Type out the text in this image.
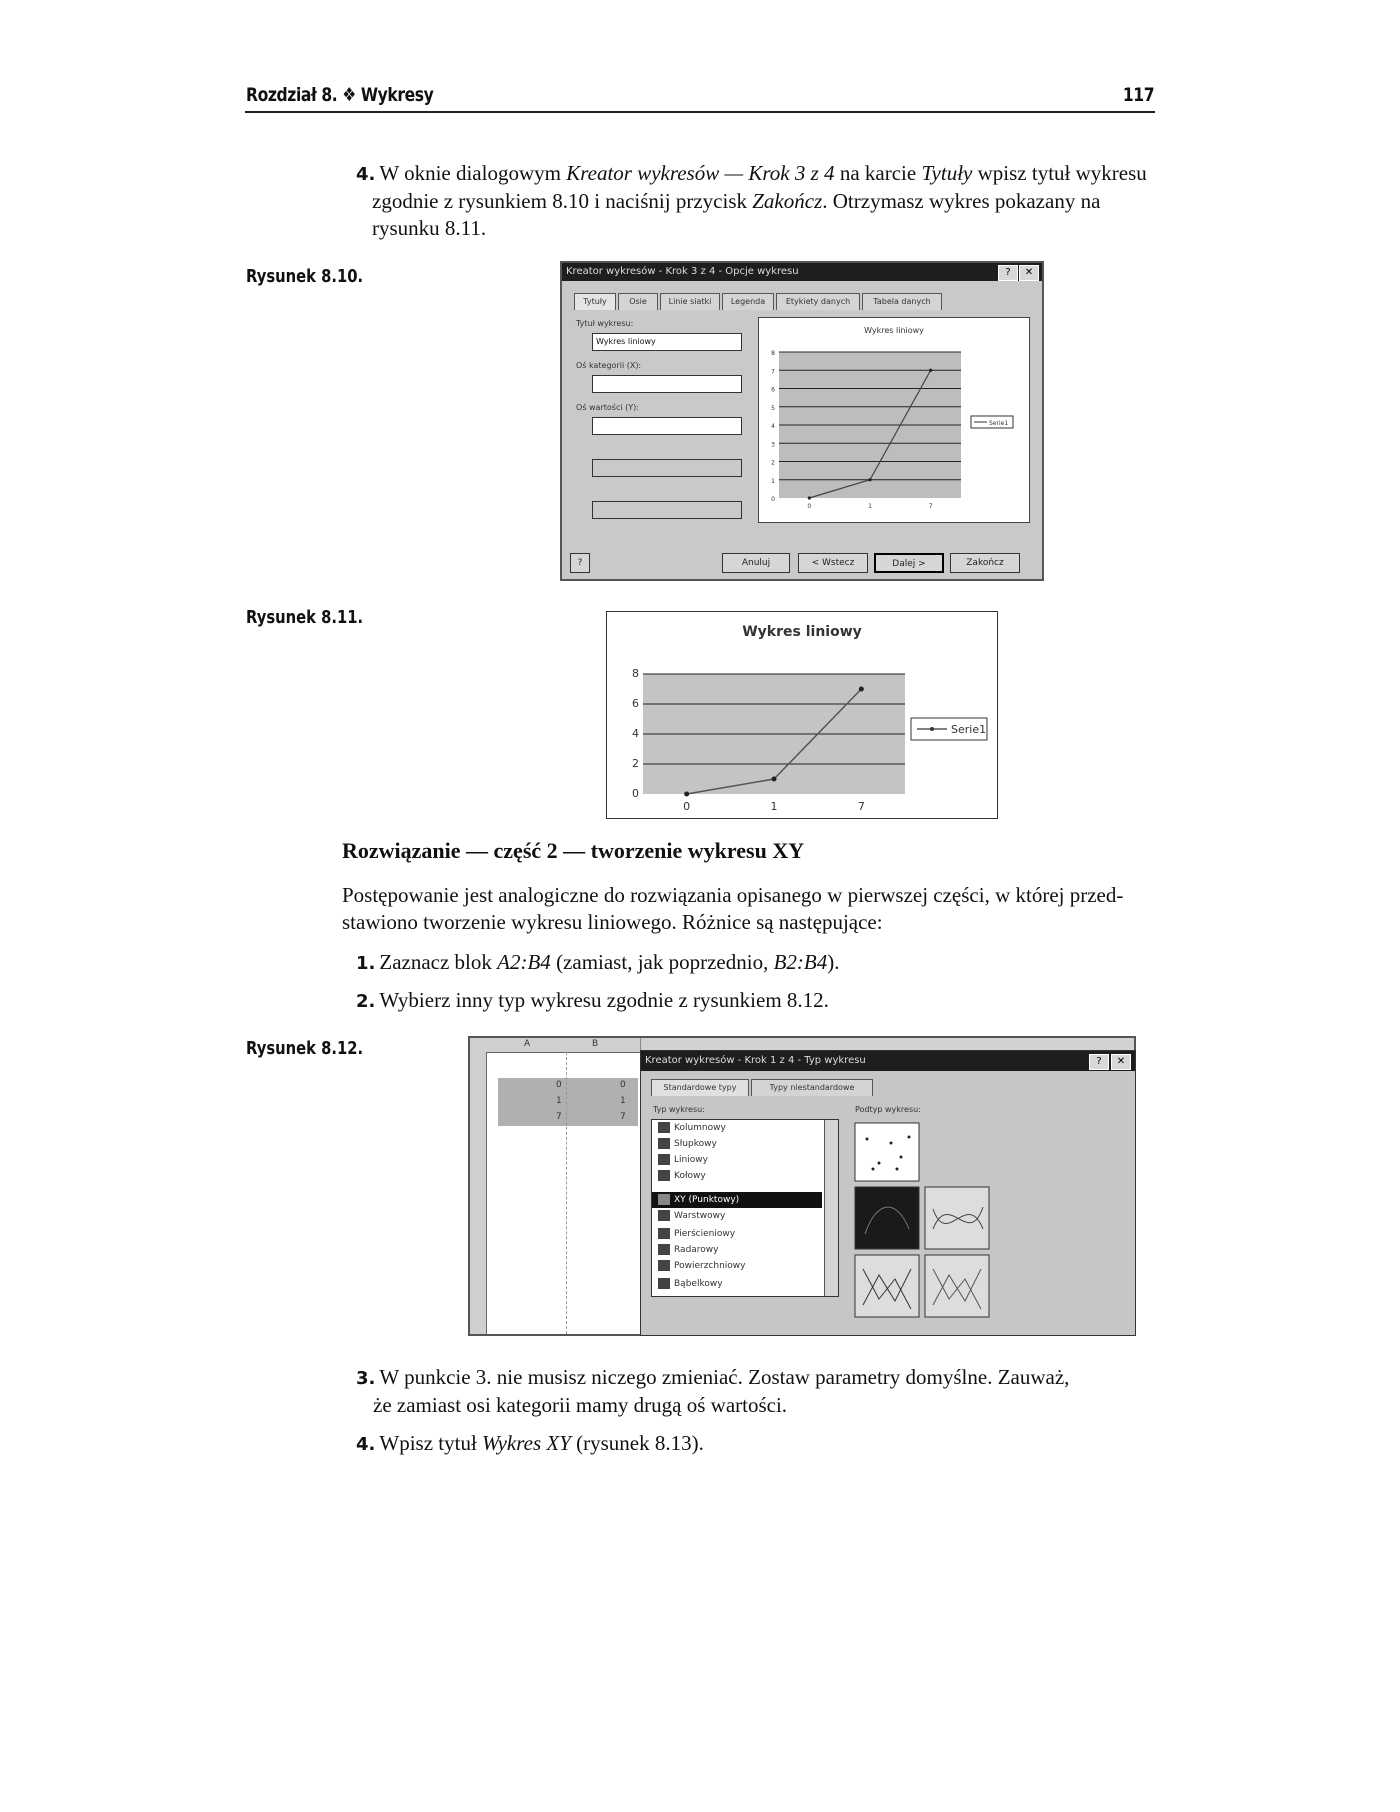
Rozdział 8. ❖ Wykresy	117
4. W oknie dialogowym Kreator wykresów — Krok 3 z 4 na karcie Tytuły wpisz tytuł wykresu zgodnie z rysunkiem 8.10 i naciśnij przycisk Zakończ. Otrzymasz wykres pokazany na rysunku 8.11.
Rysunek 8.10.	Kreator wykresów - Krok 3 z 4 - Opcje wykresu	?	✕
Tytuły	Osie	Linie siatki	Legenda	Etykiety danych	Tabela danych
Tytuł wykresu:
Wykres liniowy
Oś kategorii (X):
Oś wartości (Y):
Wykres liniowy
0
1
2
3
4
5
6
7
8
0	1	7
Serie1
?	Anuluj	< Wstecz	Dalej >	Zakończ
Rysunek 8.11.
Wykres liniowy
0
2
4
6
8
0	1	7
Serie1
Rozwiązanie — część 2 — tworzenie wykresu XY
Postępowanie jest analogiczne do rozwiązania opisanego w pierwszej części, w której przed-
stawiono tworzenie wykresu liniowego. Różnice są następujące:
1. Zaznacz blok A2:B4 (zamiast, jak poprzednio, B2:B4).
2. Wybierz inny typ wykresu zgodnie z rysunkiem 8.12.
Rysunek 8.12.	A	B
0	0
1	1
7	7
Kreator wykresów - Krok 1 z 4 - Typ wykresu	?	✕
Standardowe typy	Typy niestandardowe
Typ wykresu:	Podtyp wykresu:
Kolumnowy
Słupkowy
Liniowy
Kołowy
XY (Punktowy)
Warstwowy
Pierścieniowy
Radarowy
Powierzchniowy
Bąbelkowy
3. W punkcie 3. nie musisz niczego zmieniać. Zostaw parametry domyślne. Zauważ,
że zamiast osi kategorii mamy drugą oś wartości.
4. Wpisz tytuł Wykres XY (rysunek 8.13).
